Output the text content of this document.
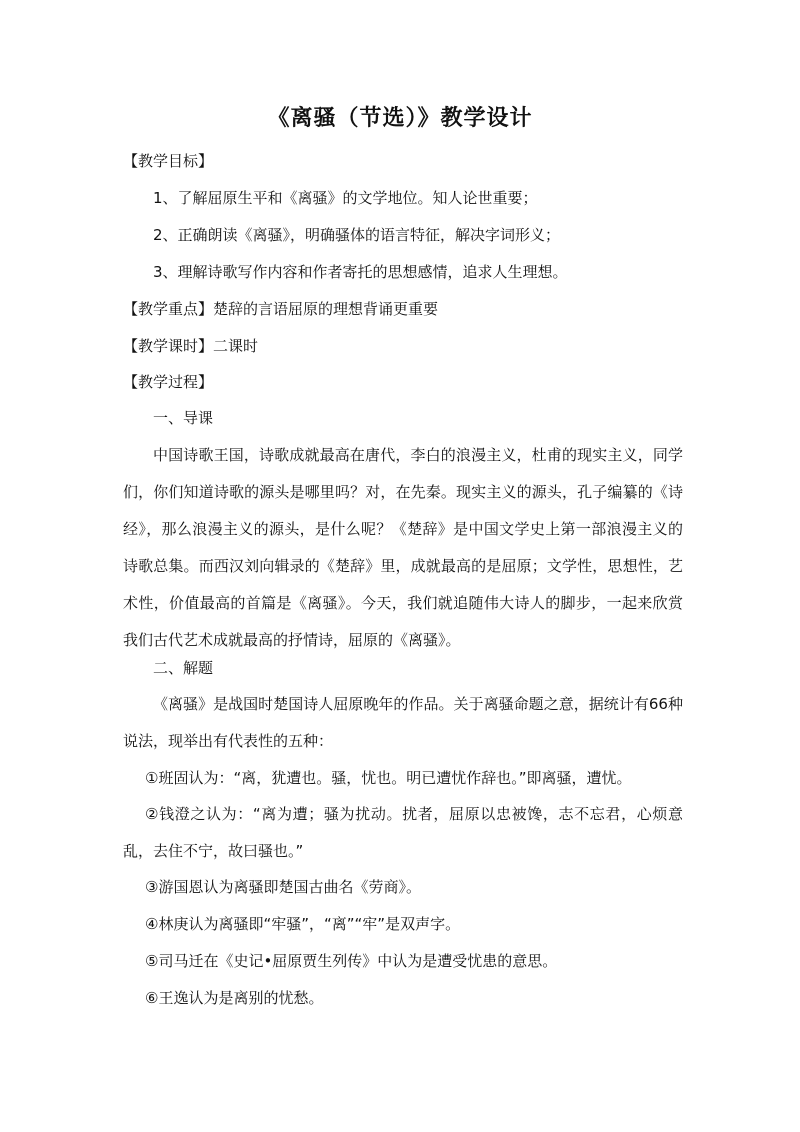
《离骚（节选）》教学设计
【教学目标】
1、了解屈原生平和《离骚》的文学地位。知人论世重要；
2、正确朗读《离骚》，明确骚体的语言特征，解决字词形义；
3、理解诗歌写作内容和作者寄托的思想感情，追求人生理想。
【教学重点】楚辞的言语屈原的理想背诵更重要
【教学课时】二课时
【教学过程】
一、导课
中国诗歌王国，诗歌成就最高在唐代，李白的浪漫主义，杜甫的现实主义，同学们，你们知道诗歌的源头是哪里吗？对，在先秦。现实主义的源头，孔子编纂的《诗经》，那么浪漫主义的源头，是什么呢？《楚辞》是中国文学史上第一部浪漫主义的诗歌总集。而西汉刘向辑录的《楚辞》里，成就最高的是屈原；文学性，思想性，艺术性，价值最高的首篇是《离骚》。今天，我们就追随伟大诗人的脚步，一起来欣赏我们古代艺术成就最高的抒情诗，屈原的《离骚》。
二、解题
《离骚》是战国时楚国诗人屈原晚年的作品。关于离骚命题之意，据统计有66种说法，现举出有代表性的五种：
①班固认为：“离，犹遭也。骚，忧也。明已遭忧作辞也。”即离骚，遭忧。
②钱澄之认为：“离为遭；骚为扰动。扰者，屈原以忠被馋，志不忘君，心烦意乱，去住不宁，故曰骚也。”
③游国恩认为离骚即楚国古曲名《劳商》。
④林庚认为离骚即“牢骚”，“离”“牢”是双声字。
⑤司马迁在《史记•屈原贾生列传》中认为是遭受忧患的意思。
⑥王逸认为是离别的忧愁。
